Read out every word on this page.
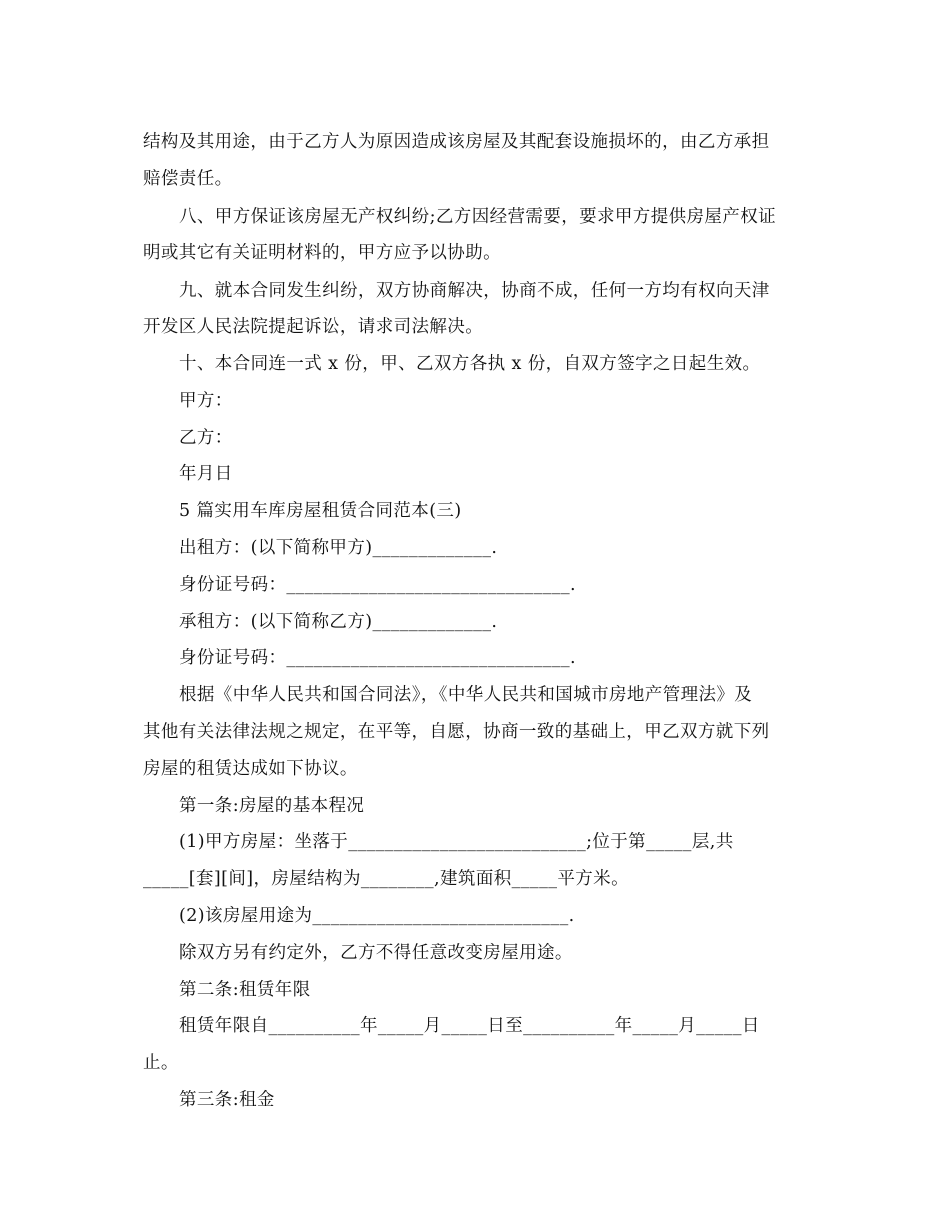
结构及其用途，由于乙方人为原因造成该房屋及其配套设施损坏的，由乙方承担
赔偿责任。
八、甲方保证该房屋无产权纠纷;乙方因经营需要，要求甲方提供房屋产权证
明或其它有关证明材料的，甲方应予以协助。
九、就本合同发生纠纷，双方协商解决，协商不成，任何一方均有权向天津
开发区人民法院提起诉讼，请求司法解决。
十、本合同连一式 x 份，甲、乙双方各执 x 份，自双方签字之日起生效。
甲方：
乙方：
年月日
5 篇实用车库房屋租赁合同范本(三)
出租方：(以下简称甲方)_____________.
身份证号码：_______________________________.
承租方：(以下简称乙方)_____________.
身份证号码：_______________________________.
根据《中华人民共和国合同法》，《中华人民共和国城市房地产管理法》及
其他有关法律法规之规定，在平等，自愿，协商一致的基础上，甲乙双方就下列
房屋的租赁达成如下协议。
第一条:房屋的基本程况
(1)甲方房屋：坐落于__________________________;位于第_____层,共
_____[套][间]，房屋结构为________,建筑面积_____平方米。
(2)该房屋用途为____________________________.
除双方另有约定外，乙方不得任意改变房屋用途。
第二条:租赁年限
租赁年限自__________年_____月_____日至__________年_____月_____日
止。
第三条:租金
